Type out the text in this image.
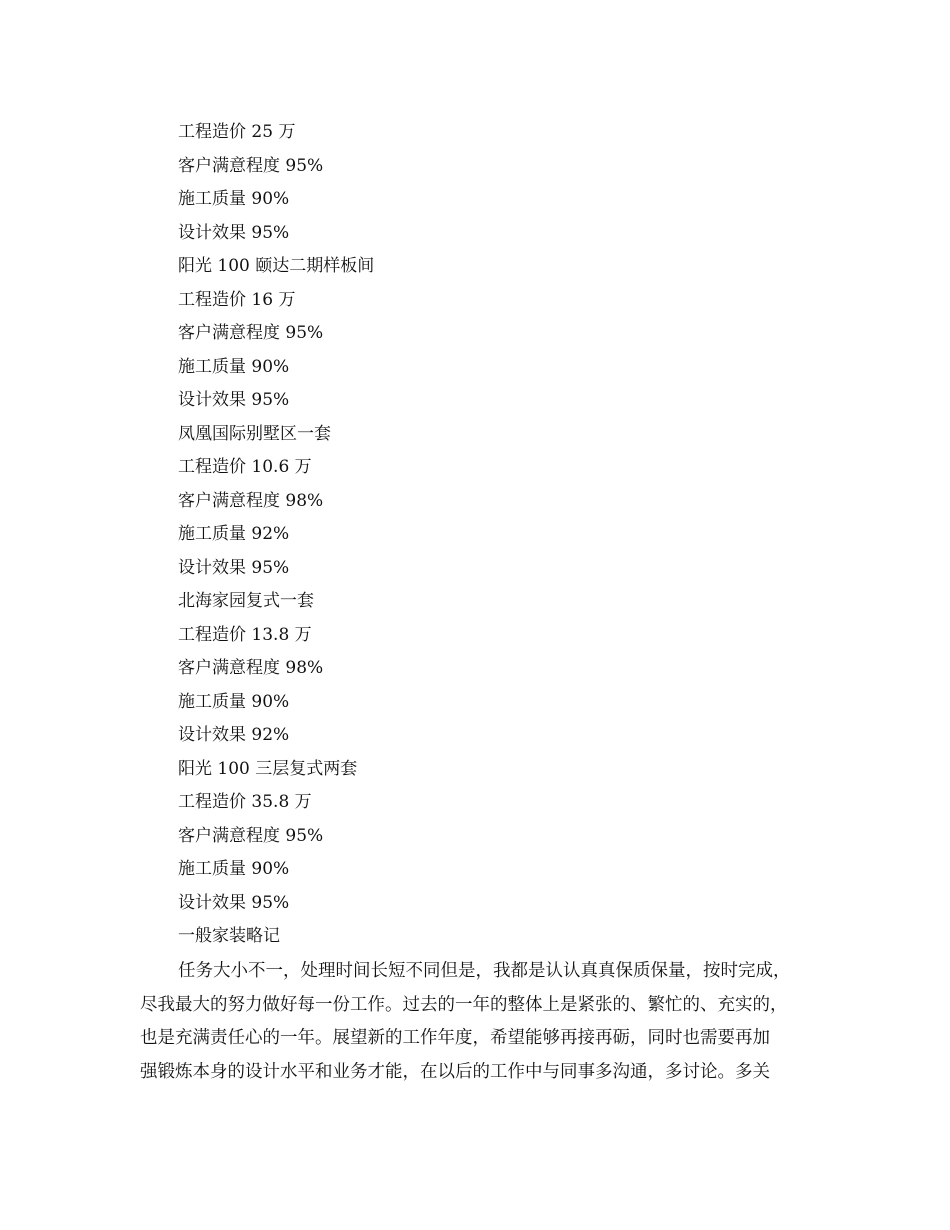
工程造价 25 万
客户满意程度 95%
施工质量 90%
设计效果 95%
阳光 100 颐达二期样板间
工程造价 16 万
客户满意程度 95%
施工质量 90%
设计效果 95%
凤凰国际别墅区一套
工程造价 10.6 万
客户满意程度 98%
施工质量 92%
设计效果 95%
北海家园复式一套
工程造价 13.8 万
客户满意程度 98%
施工质量 90%
设计效果 92%
阳光 100 三层复式两套
工程造价 35.8 万
客户满意程度 95%
施工质量 90%
设计效果 95%
一般家装略记
任务大小不一，处理时间长短不同但是，我都是认认真真保质保量，按时完成，
尽我最大的努力做好每一份工作。过去的一年的整体上是紧张的、繁忙的、充实的，
也是充满责任心的一年。展望新的工作年度，希望能够再接再砺，同时也需要再加
强锻炼本身的设计水平和业务才能，在以后的工作中与同事多沟通，多讨论。多关
